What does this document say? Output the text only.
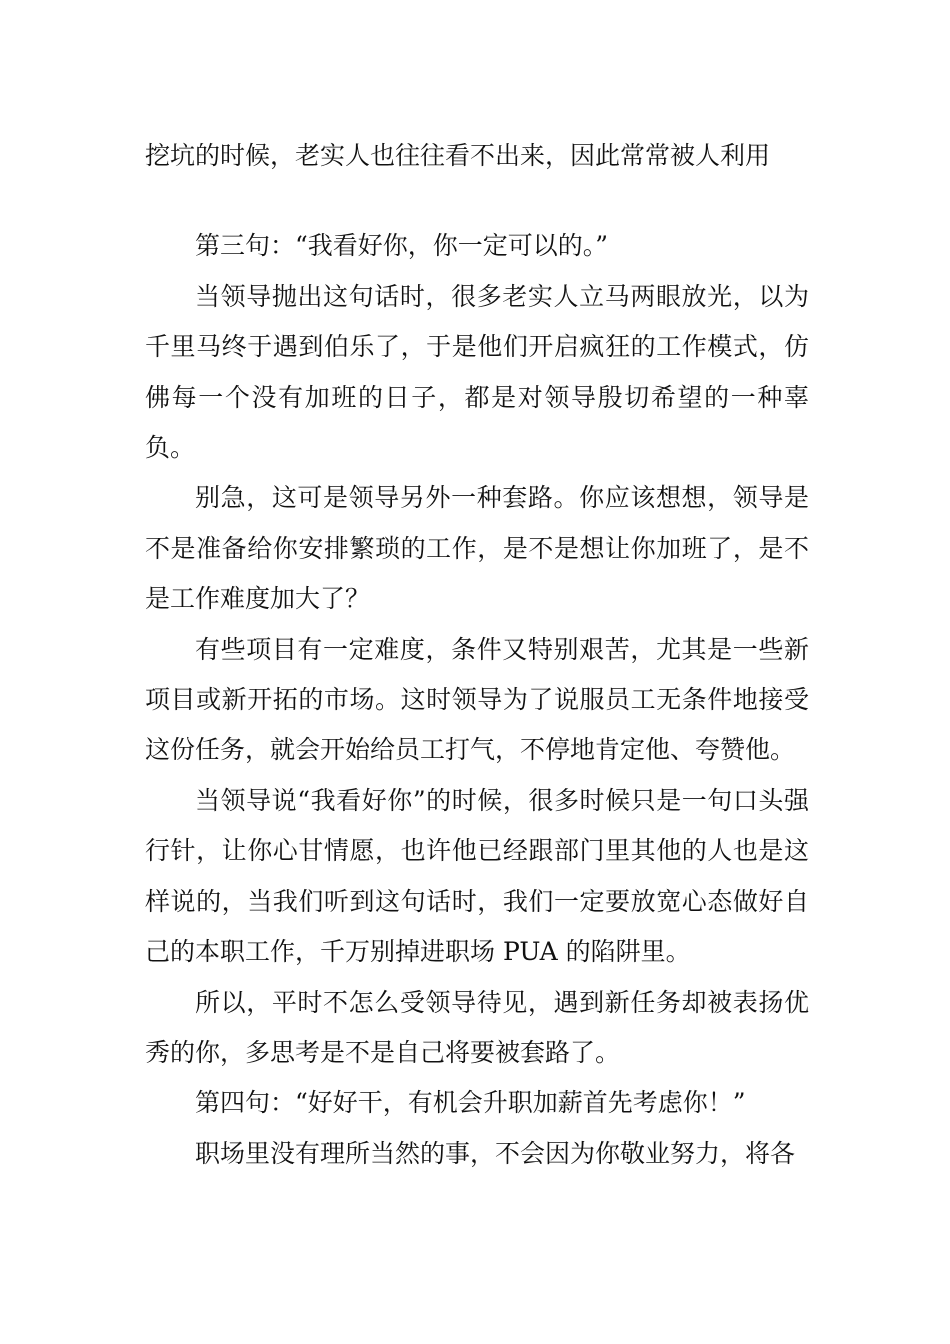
挖坑的时候，老实人也往往看不出来，因此常常被人利用

第三句：“我看好你，你一定可以的。”

当领导抛出这句话时，很多老实人立马两眼放光，以为千里马终于遇到伯乐了，于是他们开启疯狂的工作模式，仿佛每一个没有加班的日子，都是对领导殷切希望的一种辜负。

别急，这可是领导另外一种套路。你应该想想，领导是不是准备给你安排繁琐的工作，是不是想让你加班了，是不是工作难度加大了？

有些项目有一定难度，条件又特别艰苦，尤其是一些新项目或新开拓的市场。这时领导为了说服员工无条件地接受这份任务，就会开始给员工打气，不停地肯定他、夸赞他。

当领导说“我看好你”的时候，很多时候只是一句口头强行针，让你心甘情愿，也许他已经跟部门里其他的人也是这样说的，当我们听到这句话时，我们一定要放宽心态做好自己的本职工作，千万别掉进职场 PUA 的陷阱里。

所以，平时不怎么受领导待见，遇到新任务却被表扬优秀的你，多思考是不是自己将要被套路了。

第四句：“好好干，有机会升职加薪首先考虑你！”

职场里没有理所当然的事，不会因为你敬业努力，将各
